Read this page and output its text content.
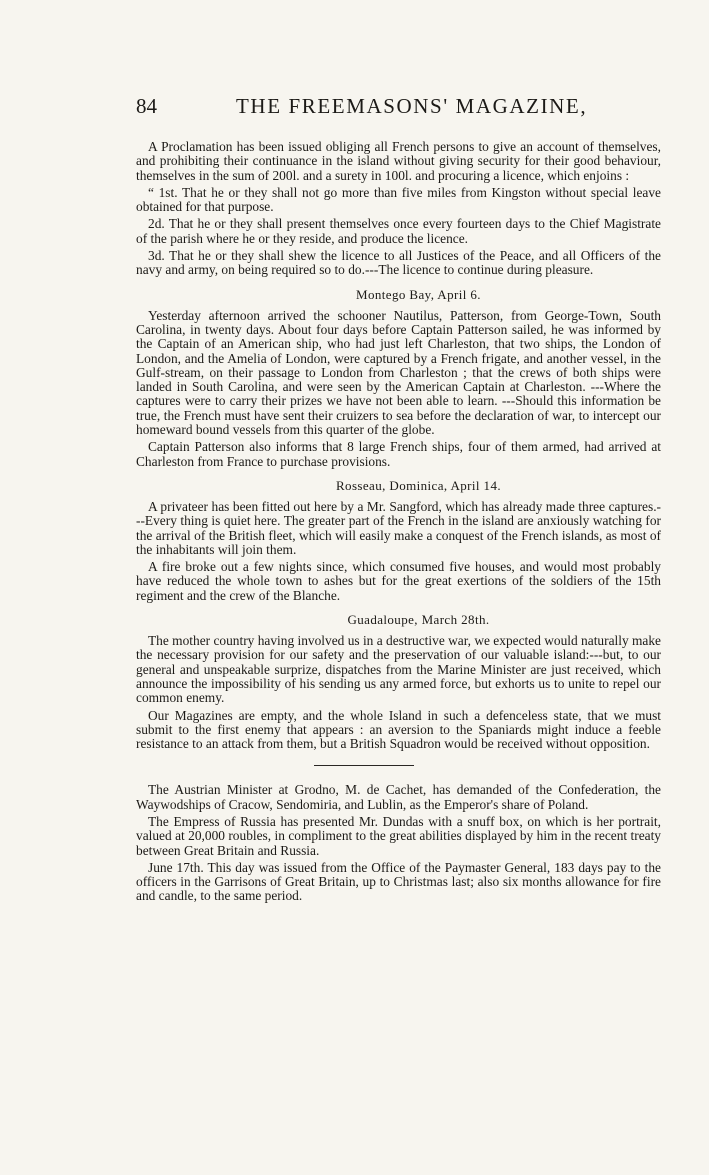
84	THE FREEMASONS' MAGAZINE,

A Proclamation has been issued obliging all French persons to give an account of themselves, and prohibiting their continuance in the island without giving security for their good behaviour, themselves in the sum of 200l. and a surety in 100l. and procuring a licence, which enjoins :

“ 1st. That he or they shall not go more than five miles from Kingston without special leave obtained for that purpose.

2d. That he or they shall present themselves once every fourteen days to the Chief Magistrate of the parish where he or they reside, and produce the licence.

3d. That he or they shall shew the licence to all Justices of the Peace, and all Officers of the navy and army, on being required so to do.---The licence to continue during pleasure.

Montego Bay, April 6.

Yesterday afternoon arrived the schooner Nautilus, Patterson, from George-Town, South Carolina, in twenty days. About four days before Captain Patterson sailed, he was informed by the Captain of an American ship, who had just left Charleston, that two ships, the London of London, and the Amelia of London, were captured by a French frigate, and another vessel, in the Gulf-stream, on their passage to London from Charleston ; that the crews of both ships were landed in South Carolina, and were seen by the American Captain at Charleston. ---Where the captures were to carry their prizes we have not been able to learn. ---Should this information be true, the French must have sent their cruizers to sea before the declaration of war, to intercept our homeward bound vessels from this quarter of the globe.

Captain Patterson also informs that 8 large French ships, four of them armed, had arrived at Charleston from France to purchase provisions.

Rosseau, Dominica, April 14.

A privateer has been fitted out here by a Mr. Sangford, which has already made three captures.---Every thing is quiet here. The greater part of the French in the island are anxiously watching for the arrival of the British fleet, which will easily make a conquest of the French islands, as most of the inhabitants will join them.

A fire broke out a few nights since, which consumed five houses, and would most probably have reduced the whole town to ashes but for the great exertions of the soldiers of the 15th regiment and the crew of the Blanche.

Guadaloupe, March 28th.

The mother country having involved us in a destructive war, we expected would naturally make the necessary provision for our safety and the preservation of our valuable island:---but, to our general and unspeakable surprize, dispatches from the Marine Minister are just received, which announce the impossibility of his sending us any armed force, but exhorts us to unite to repel our common enemy.

Our Magazines are empty, and the whole Island in such a defenceless state, that we must submit to the first enemy that appears : an aversion to the Spaniards might induce a feeble resistance to an attack from them, but a British Squadron would be received without opposition.

The Austrian Minister at Grodno, M. de Cachet, has demanded of the Confederation, the Waywodships of Cracow, Sendomiria, and Lublin, as the Emperor's share of Poland.

The Empress of Russia has presented Mr. Dundas with a snuff box, on which is her portrait, valued at 20,000 roubles, in compliment to the great abilities displayed by him in the recent treaty between Great Britain and Russia.

June 17th. This day was issued from the Office of the Paymaster General, 183 days pay to the officers in the Garrisons of Great Britain, up to Christmas last; also six months allowance for fire and candle, to the same period.
